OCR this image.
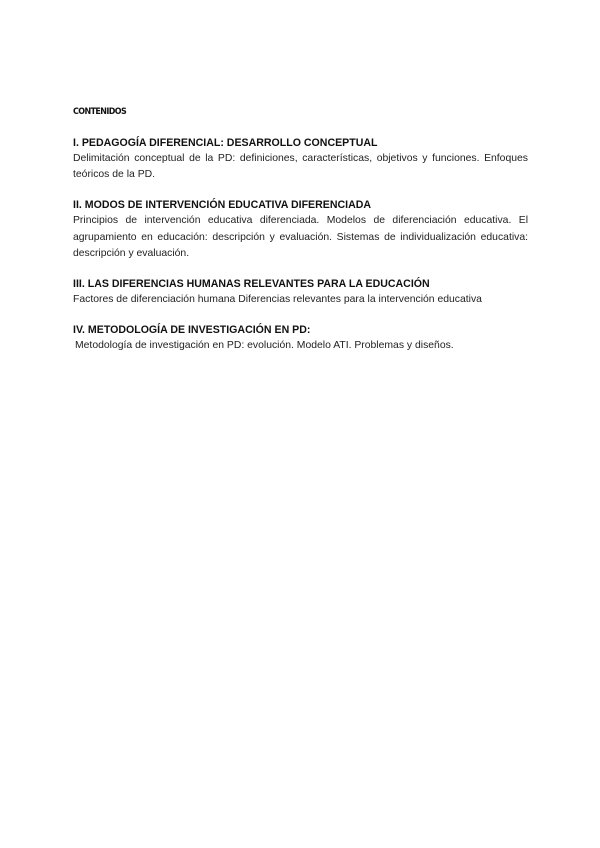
CONTENIDOS

I. PEDAGOGÍA DIFERENCIAL: DESARROLLO CONCEPTUAL

Delimitación conceptual de la PD: definiciones, características, objetivos y funciones. Enfoques teóricos de la PD.

II. MODOS DE INTERVENCIÓN EDUCATIVA DIFERENCIADA

Principios de intervención educativa diferenciada. Modelos de diferenciación educativa. El agrupamiento en educación: descripción y evaluación. Sistemas de individualización educativa: descripción y evaluación.

III. LAS DIFERENCIAS HUMANAS RELEVANTES PARA LA EDUCACIÓN

Factores de diferenciación humana Diferencias relevantes para la intervención educativa

IV. METODOLOGÍA DE INVESTIGACIÓN EN PD:

Metodología de investigación en PD: evolución. Modelo ATI. Problemas y diseños.
